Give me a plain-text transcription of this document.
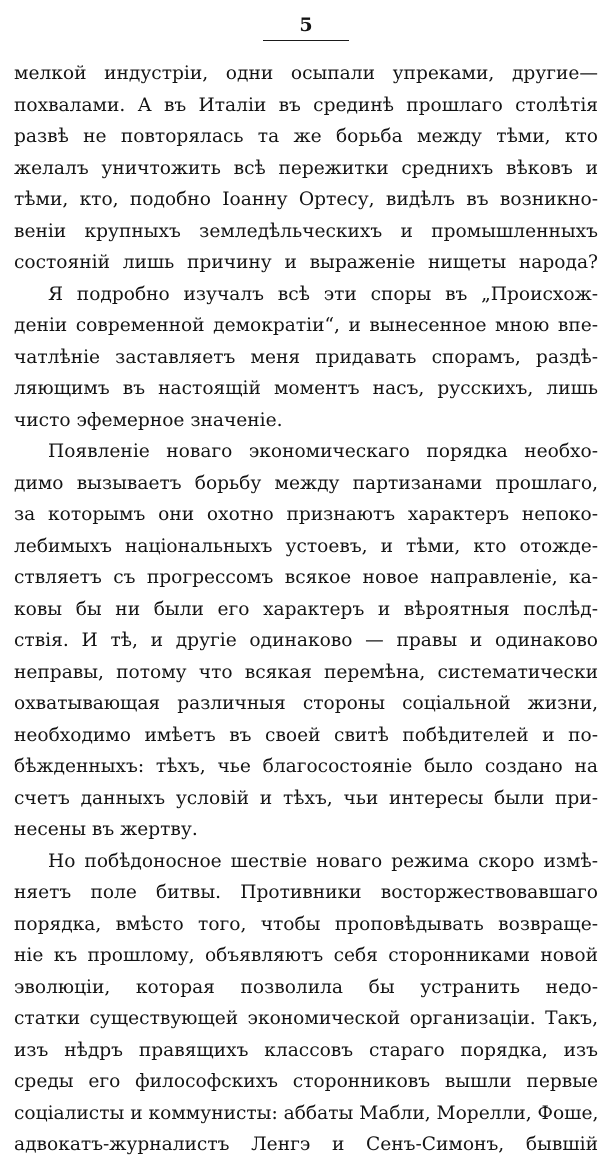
5
мелкой индустріи, одни осыпали упреками, другие—
похвалами. А въ Италіи въ срединѣ прошлаго столѣтія
развѣ не повторялась та же борьба между тѣми, кто
желалъ уничтожить всѣ пережитки среднихъ вѣковъ и
тѣми, кто, подобно Іоанну Ортесу, видѣлъ въ возникно-
веніи крупныхъ земледѣльческихъ и промышленныхъ
состояній лишь причину и выраженіе нищеты народа?
Я подробно изучалъ всѣ эти споры въ „Происхож-
деніи современной демократіи“, и вынесенное мною впе-
чатлѣніе заставляетъ меня придавать спорамъ, раздѣ-
ляющимъ въ настоящій моментъ насъ, русскихъ, лишь
чисто эфемерное значеніе.
Появленіе новаго экономическаго порядка необхо-
димо вызываетъ борьбу между партизанами прошлаго,
за которымъ они охотно признаютъ характеръ непоко-
лебимыхъ національныхъ устоевъ, и тѣми, кто отожде-
ствляетъ съ прогрессомъ всякое новое направленіе, ка-
ковы бы ни были его характеръ и вѣроятныя послѣд-
ствія. И тѣ, и другіе одинаково — правы и одинаково
неправы, потому что всякая перемѣна, систематически
охватывающая различныя стороны соціальной жизни,
необходимо имѣетъ въ своей свитѣ побѣдителей и по-
бѣжденныхъ: тѣхъ, чье благосостояніе было создано на
счетъ данныхъ условій и тѣхъ, чьи интересы были при-
несены въ жертву.
Но побѣдоносное шествіе новаго режима скоро измѣ-
няетъ поле битвы. Противники восторжествовавшаго
порядка, вмѣсто того, чтобы проповѣдывать возвраще-
ніе къ прошлому, объявляютъ себя сторонниками новой
эволюціи, которая позволила бы устранить недо-
статки существующей экономической организаціи. Такъ,
изъ нѣдръ правящихъ классовъ стараго порядка, изъ
среды его философскихъ сторонниковъ вышли первые
соціалисты и коммунисты: аббаты Мабли, Морелли, Фоше,
адвокатъ-журналистъ Ленгэ и Сенъ-Симонъ, бывшій
